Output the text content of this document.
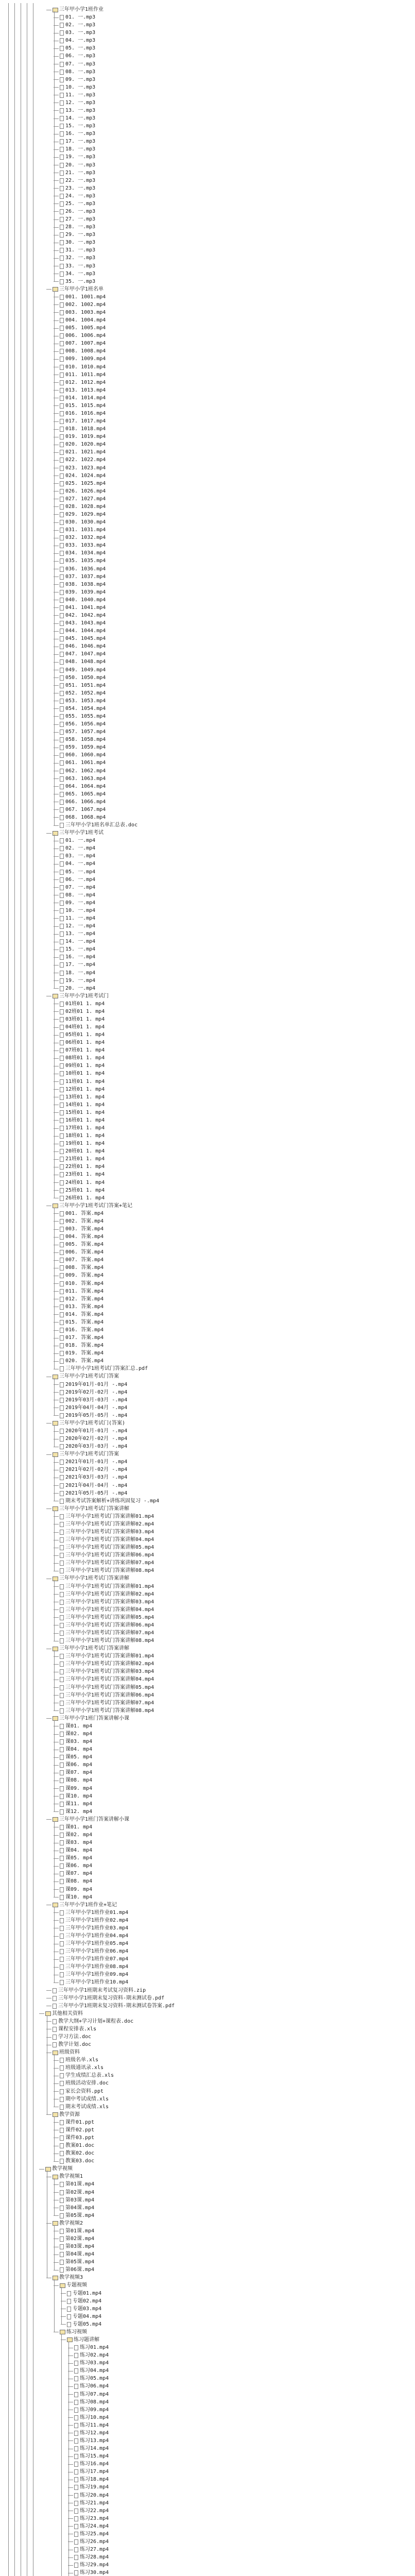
三年甲小学1班作业
01. 一.mp3
02. 一.mp3
03. 一.mp3
04. 一.mp3
05. 一.mp3
06. 一.mp3
07. 一.mp3
08. 一.mp3
09. 一.mp3
10. 一.mp3
11. 一.mp3
12. 一.mp3
13. 一.mp3
14. 一.mp3
15. 一.mp3
16. 一.mp3
17. 一.mp3
18. 一.mp3
19. 一.mp3
20. 一.mp3
21. 一.mp3
22. 一.mp3
23. 一.mp3
24. 一.mp3
25. 一.mp3
26. 一.mp3
27. 一.mp3
28. 一.mp3
29. 一.mp3
30. 一.mp3
31. 一.mp3
32. 一.mp3
33. 一.mp3
34. 一.mp3
35. 一.mp3
三年甲小学1班名单
001. 1001.mp4
002. 1002.mp4
003. 1003.mp4
004. 1004.mp4
005. 1005.mp4
006. 1006.mp4
007. 1007.mp4
008. 1008.mp4
009. 1009.mp4
010. 1010.mp4
011. 1011.mp4
012. 1012.mp4
013. 1013.mp4
014. 1014.mp4
015. 1015.mp4
016. 1016.mp4
017. 1017.mp4
018. 1018.mp4
019. 1019.mp4
020. 1020.mp4
021. 1021.mp4
022. 1022.mp4
023. 1023.mp4
024. 1024.mp4
025. 1025.mp4
026. 1026.mp4
027. 1027.mp4
028. 1028.mp4
029. 1029.mp4
030. 1030.mp4
031. 1031.mp4
032. 1032.mp4
033. 1033.mp4
034. 1034.mp4
035. 1035.mp4
036. 1036.mp4
037. 1037.mp4
038. 1038.mp4
039. 1039.mp4
040. 1040.mp4
041. 1041.mp4
042. 1042.mp4
043. 1043.mp4
044. 1044.mp4
045. 1045.mp4
046. 1046.mp4
047. 1047.mp4
048. 1048.mp4
049. 1049.mp4
050. 1050.mp4
051. 1051.mp4
052. 1052.mp4
053. 1053.mp4
054. 1054.mp4
055. 1055.mp4
056. 1056.mp4
057. 1057.mp4
058. 1058.mp4
059. 1059.mp4
060. 1060.mp4
061. 1061.mp4
062. 1062.mp4
063. 1063.mp4
064. 1064.mp4
065. 1065.mp4
066. 1066.mp4
067. 1067.mp4
068. 1068.mp4
三年甲小学1班名单汇总表.doc
三年甲小学1班考试
01. 一.mp4
02. 一.mp4
03. 一.mp4
04. 一.mp4
05. 一.mp4
06. 一.mp4
07. 一.mp4
08. 一.mp4
09. 一.mp4
10. 一.mp4
11. 一.mp4
12. 一.mp4
13. 一.mp4
14. 一.mp4
15. 一.mp4
16. 一.mp4
17. 一.mp4
18. 一.mp4
19. 一.mp4
20. 一.mp4
三年甲小学1班考试门
01班01 1. mp4
02班01 1. mp4
03班01 1. mp4
04班01 1. mp4
05班01 1. mp4
06班01 1. mp4
07班01 1. mp4
08班01 1. mp4
09班01 1. mp4
10班01 1. mp4
11班01 1. mp4
12班01 1. mp4
13班01 1. mp4
14班01 1. mp4
15班01 1. mp4
16班01 1. mp4
17班01 1. mp4
18班01 1. mp4
19班01 1. mp4
20班01 1. mp4
21班01 1. mp4
22班01 1. mp4
23班01 1. mp4
24班01 1. mp4
25班01 1. mp4
26班01 1. mp4
三年甲小学1班考试门答案+笔记
001. 答案.mp4
002. 答案.mp4
003. 答案.mp4
004. 答案.mp4
005. 答案.mp4
006. 答案.mp4
007. 答案.mp4
008. 答案.mp4
009. 答案.mp4
010. 答案.mp4
011. 答案.mp4
012. 答案.mp4
013. 答案.mp4
014. 答案.mp4
015. 答案.mp4
016. 答案.mp4
017. 答案.mp4
018. 答案.mp4
019. 答案.mp4
020. 答案.mp4
三年甲小学1班考试门答案汇总.pdf
三年甲小学1班考试门答案
2019年01月-01月 -.mp4
2019年02月-02月 -.mp4
2019年03月-03月 -.mp4
2019年04月-04月 -.mp4
2019年05月-05月 -.mp4
三年甲小学1班考试门(答案)
2020年01月-01月 -.mp4
2020年02月-02月 -.mp4
2020年03月-03月 -.mp4
三年甲小学1班考试门答案
2021年01月-01月 -.mp4
2021年02月-02月 -.mp4
2021年03月-03月 -.mp4
2021年04月-04月 -.mp4
2021年05月-05月 -.mp4
期末考试答案解析+讲练巩固复习 -.mp4
三年甲小学1班考试门答案讲解
三年甲小学1班考试门答案讲解01.mp4
三年甲小学1班考试门答案讲解02.mp4
三年甲小学1班考试门答案讲解03.mp4
三年甲小学1班考试门答案讲解04.mp4
三年甲小学1班考试门答案讲解05.mp4
三年甲小学1班考试门答案讲解06.mp4
三年甲小学1班考试门答案讲解07.mp4
三年甲小学1班考试门答案讲解08.mp4
三年甲小学1班考试门答案讲解
三年甲小学1班考试门答案讲解01.mp4
三年甲小学1班考试门答案讲解02.mp4
三年甲小学1班考试门答案讲解03.mp4
三年甲小学1班考试门答案讲解04.mp4
三年甲小学1班考试门答案讲解05.mp4
三年甲小学1班考试门答案讲解06.mp4
三年甲小学1班考试门答案讲解07.mp4
三年甲小学1班考试门答案讲解08.mp4
三年甲小学1班考试门答案讲解
三年甲小学1班考试门答案讲解01.mp4
三年甲小学1班考试门答案讲解02.mp4
三年甲小学1班考试门答案讲解03.mp4
三年甲小学1班考试门答案讲解04.mp4
三年甲小学1班考试门答案讲解05.mp4
三年甲小学1班考试门答案讲解06.mp4
三年甲小学1班考试门答案讲解07.mp4
三年甲小学1班考试门答案讲解08.mp4
三年甲小学1班门答案讲解小课
课01. mp4
课02. mp4
课03. mp4
课04. mp4
课05. mp4
课06. mp4
课07. mp4
课08. mp4
课09. mp4
课10. mp4
课11. mp4
课12. mp4
三年甲小学1班门答案讲解小课
课01. mp4
课02. mp4
课03. mp4
课04. mp4
课05. mp4
课06. mp4
课07. mp4
课08. mp4
课09. mp4
课10. mp4
三年甲小学1班作业+笔记
三年甲小学1班作业01.mp4
三年甲小学1班作业02.mp4
三年甲小学1班作业03.mp4
三年甲小学1班作业04.mp4
三年甲小学1班作业05.mp4
三年甲小学1班作业06.mp4
三年甲小学1班作业07.mp4
三年甲小学1班作业08.mp4
三年甲小学1班作业09.mp4
三年甲小学1班作业10.mp4
三年甲小学1班期末考试复习资料.zip
三年甲小学1班期末复习资料-期末测试卷.pdf
三年甲小学1班期末复习资料-期末测试卷答案.pdf
其他相关资料
教学大纲+学习计划+课程表.doc
课程安排表.xls
学习方法.doc
教学计划.doc
班级资料
班级名单.xls
班级通讯录.xls
学生成绩汇总表.xls
班级活动安排.doc
家长会资料.ppt
期中考试成绩.xls
期末考试成绩.xls
教学资源
课件01.ppt
课件02.ppt
课件03.ppt
教案01.doc
教案02.doc
教案03.doc
教学视频
教学视频1
第01课.mp4
第02课.mp4
第03课.mp4
第04课.mp4
第05课.mp4
教学视频2
第01课.mp4
第02课.mp4
第03课.mp4
第04课.mp4
第05课.mp4
第06课.mp4
教学视频3
专题视频
专题01.mp4
专题02.mp4
专题03.mp4
专题04.mp4
专题05.mp4
练习视频
练习题讲解
练习01.mp4
练习02.mp4
练习03.mp4
练习04.mp4
练习05.mp4
练习06.mp4
练习07.mp4
练习08.mp4
练习09.mp4
练习10.mp4
练习11.mp4
练习12.mp4
练习13.mp4
练习14.mp4
练习15.mp4
练习16.mp4
练习17.mp4
练习18.mp4
练习19.mp4
练习20.mp4
练习21.mp4
练习22.mp4
练习23.mp4
练习24.mp4
练习25.mp4
练习26.mp4
练习27.mp4
练习28.mp4
练习29.mp4
练习30.mp4
